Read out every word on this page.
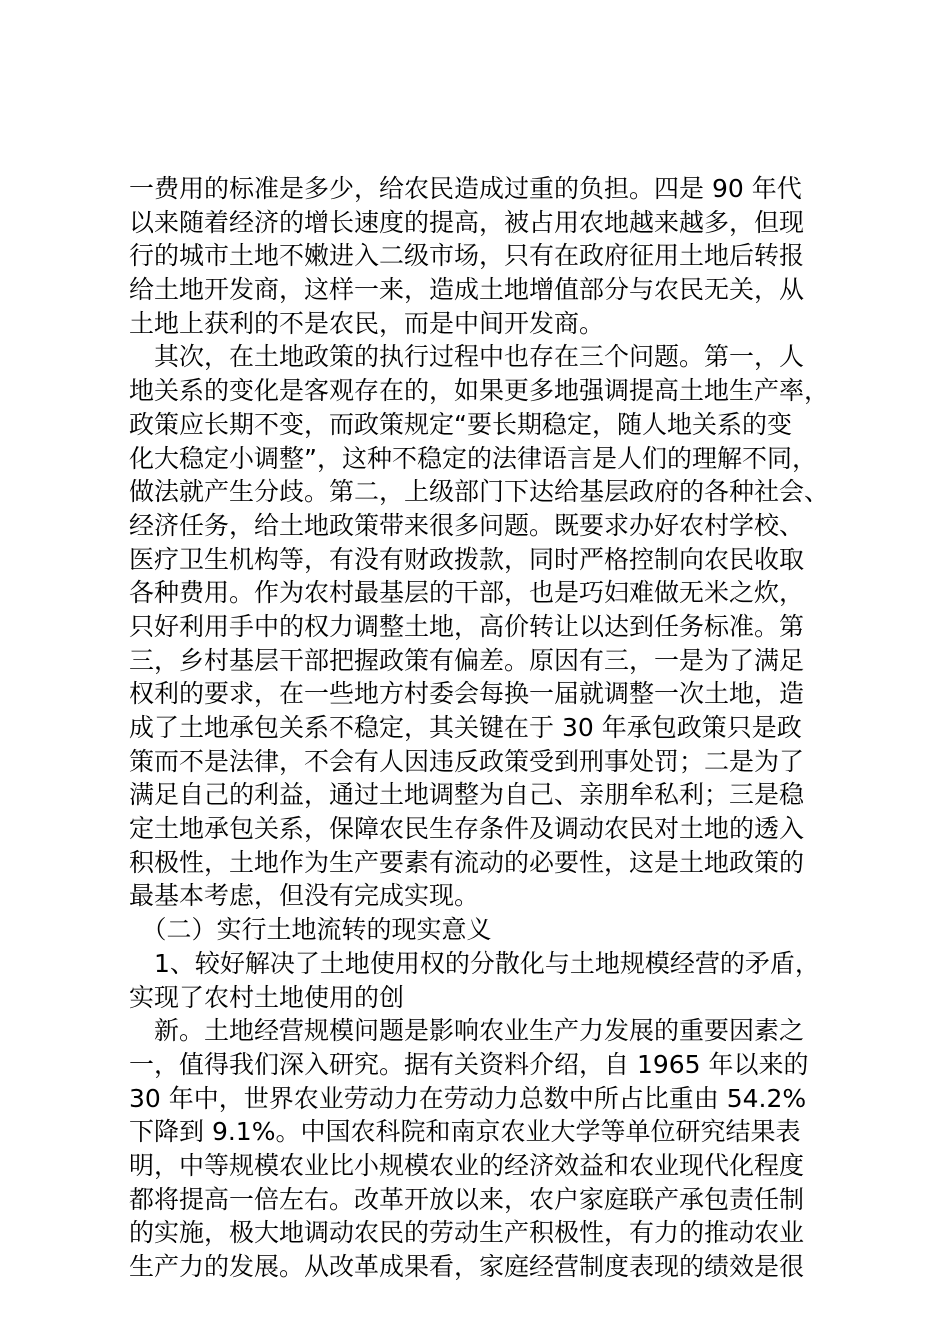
一费用的标准是多少，给农民造成过重的负担。四是 90 年代
以来随着经济的增长速度的提高，被占用农地越来越多，但现
行的城市土地不嫩进入二级市场，只有在政府征用土地后转报
给土地开发商，这样一来，造成土地增值部分与农民无关，从
土地上获利的不是农民，而是中间开发商。
　其次，在土地政策的执行过程中也存在三个问题。第一，人
地关系的变化是客观存在的，如果更多地强调提高土地生产率，
政策应长期不变，而政策规定“要长期稳定，随人地关系的变
化大稳定小调整”，这种不稳定的法律语言是人们的理解不同，
做法就产生分歧。第二，上级部门下达给基层政府的各种社会、
经济任务，给土地政策带来很多问题。既要求办好农村学校、
医疗卫生机构等，有没有财政拨款，同时严格控制向农民收取
各种费用。作为农村最基层的干部，也是巧妇难做无米之炊，
只好利用手中的权力调整土地，高价转让以达到任务标准。第
三，乡村基层干部把握政策有偏差。原因有三，一是为了满足
权利的要求，在一些地方村委会每换一届就调整一次土地，造
成了土地承包关系不稳定，其关键在于 30 年承包政策只是政
策而不是法律，不会有人因违反政策受到刑事处罚；二是为了
满足自己的利益，通过土地调整为自己、亲朋牟私利；三是稳
定土地承包关系，保障农民生存条件及调动农民对土地的透入
积极性，土地作为生产要素有流动的必要性，这是土地政策的
最基本考虑，但没有完成实现。
　（二）实行土地流转的现实意义
　1、较好解决了土地使用权的分散化与土地规模经营的矛盾，
实现了农村土地使用的创
　新。土地经营规模问题是影响农业生产力发展的重要因素之
一，值得我们深入研究。据有关资料介绍，自 1965 年以来的
30 年中，世界农业劳动力在劳动力总数中所占比重由 54.2%
下降到 9.1%。中国农科院和南京农业大学等单位研究结果表
明，中等规模农业比小规模农业的经济效益和农业现代化程度
都将提高一倍左右。改革开放以来，农户家庭联产承包责任制
的实施，极大地调动农民的劳动生产积极性，有力的推动农业
生产力的发展。从改革成果看，家庭经营制度表现的绩效是很
